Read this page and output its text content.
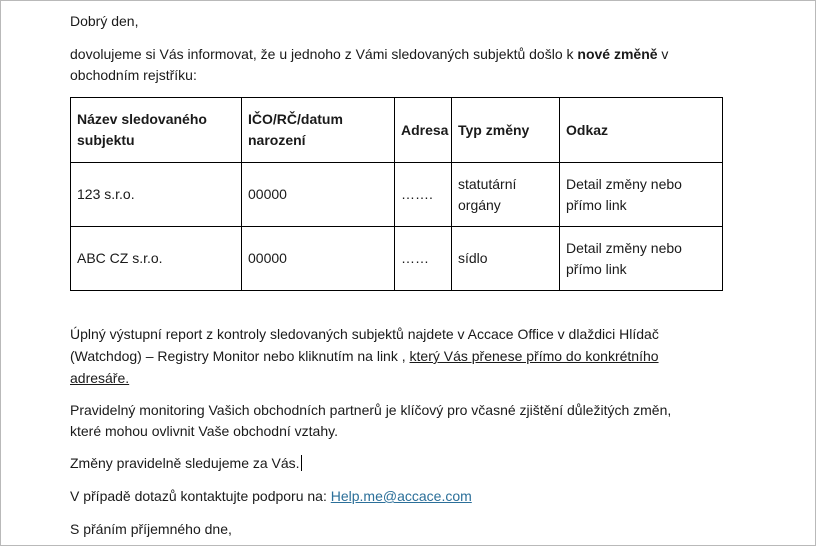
Dobrý den,
dovolujeme si Vás informovat, že u jednoho z Vámi sledovaných subjektů došlo k nové změně v
obchodním rejstříku:
Úplný výstupní report z kontroly sledovaných subjektů najdete v Accace Office v dlaždici Hlídač
(Watchdog) – Registry Monitor nebo kliknutím na link , který Vás přenese přímo do konkrétního
adresáře.
Pravidelný monitoring Vašich obchodních partnerů je klíčový pro včasné zjištění důležitých změn,
které mohou ovlivnit Vaše obchodní vztahy.
Změny pravidelně sledujeme za Vás.
V případě dotazů kontaktujte podporu na: Help.me@accace.com
S přáním příjemného dne,
Název sledovaného subjektu	IČO/RČ/datum narození	Adresa	Typ změny	Odkaz
123 s.r.o.	00000	…….	statutární orgány	Detail změny nebo přímo link
ABC CZ s.r.o.	00000	……	sídlo	Detail změny nebo přímo link
